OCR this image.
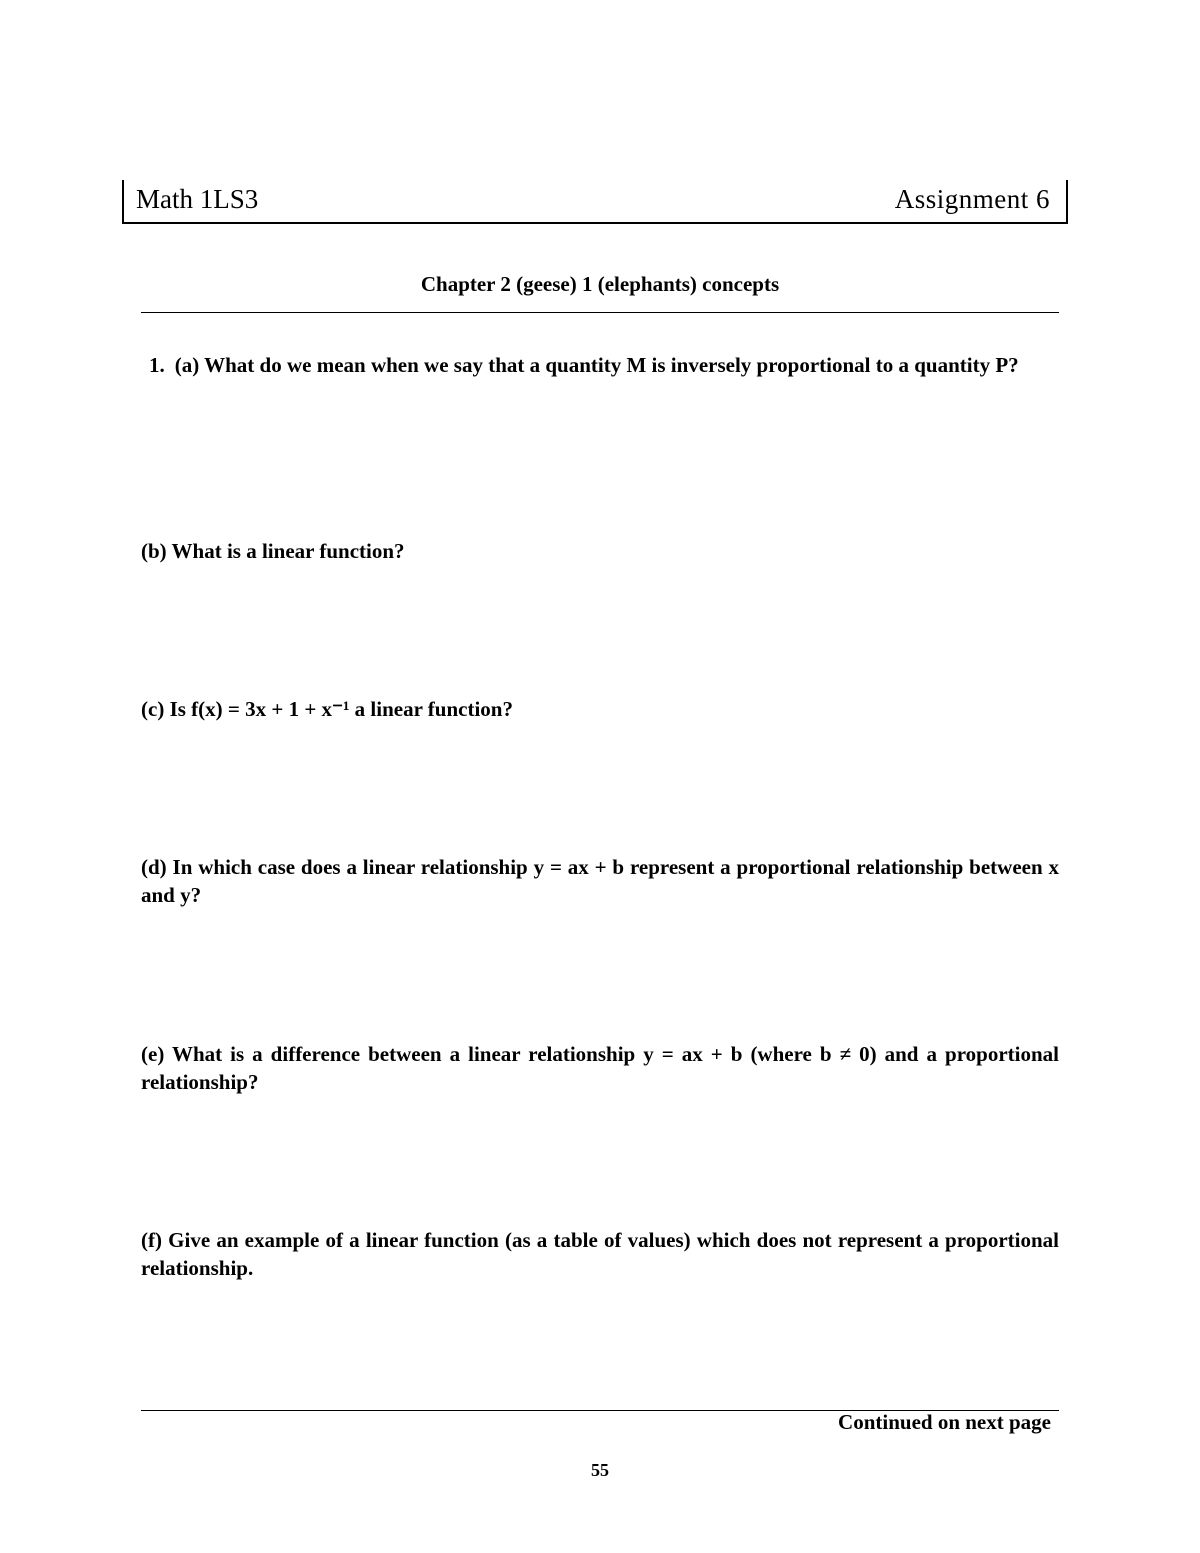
Math 1LS3	Assignment 6
Chapter 2 (geese) 1 (elephants) concepts
1. (a) What do we mean when we say that a quantity M is inversely proportional to a quantity P?
(b) What is a linear function?
(c) Is f(x) = 3x + 1 + x⁻¹ a linear function?
(d) In which case does a linear relationship y = ax + b represent a proportional relationship between x and y?
(e) What is a difference between a linear relationship y = ax + b (where b ≠ 0) and a proportional relationship?
(f) Give an example of a linear function (as a table of values) which does not represent a proportional relationship.
Continued on next page
55
